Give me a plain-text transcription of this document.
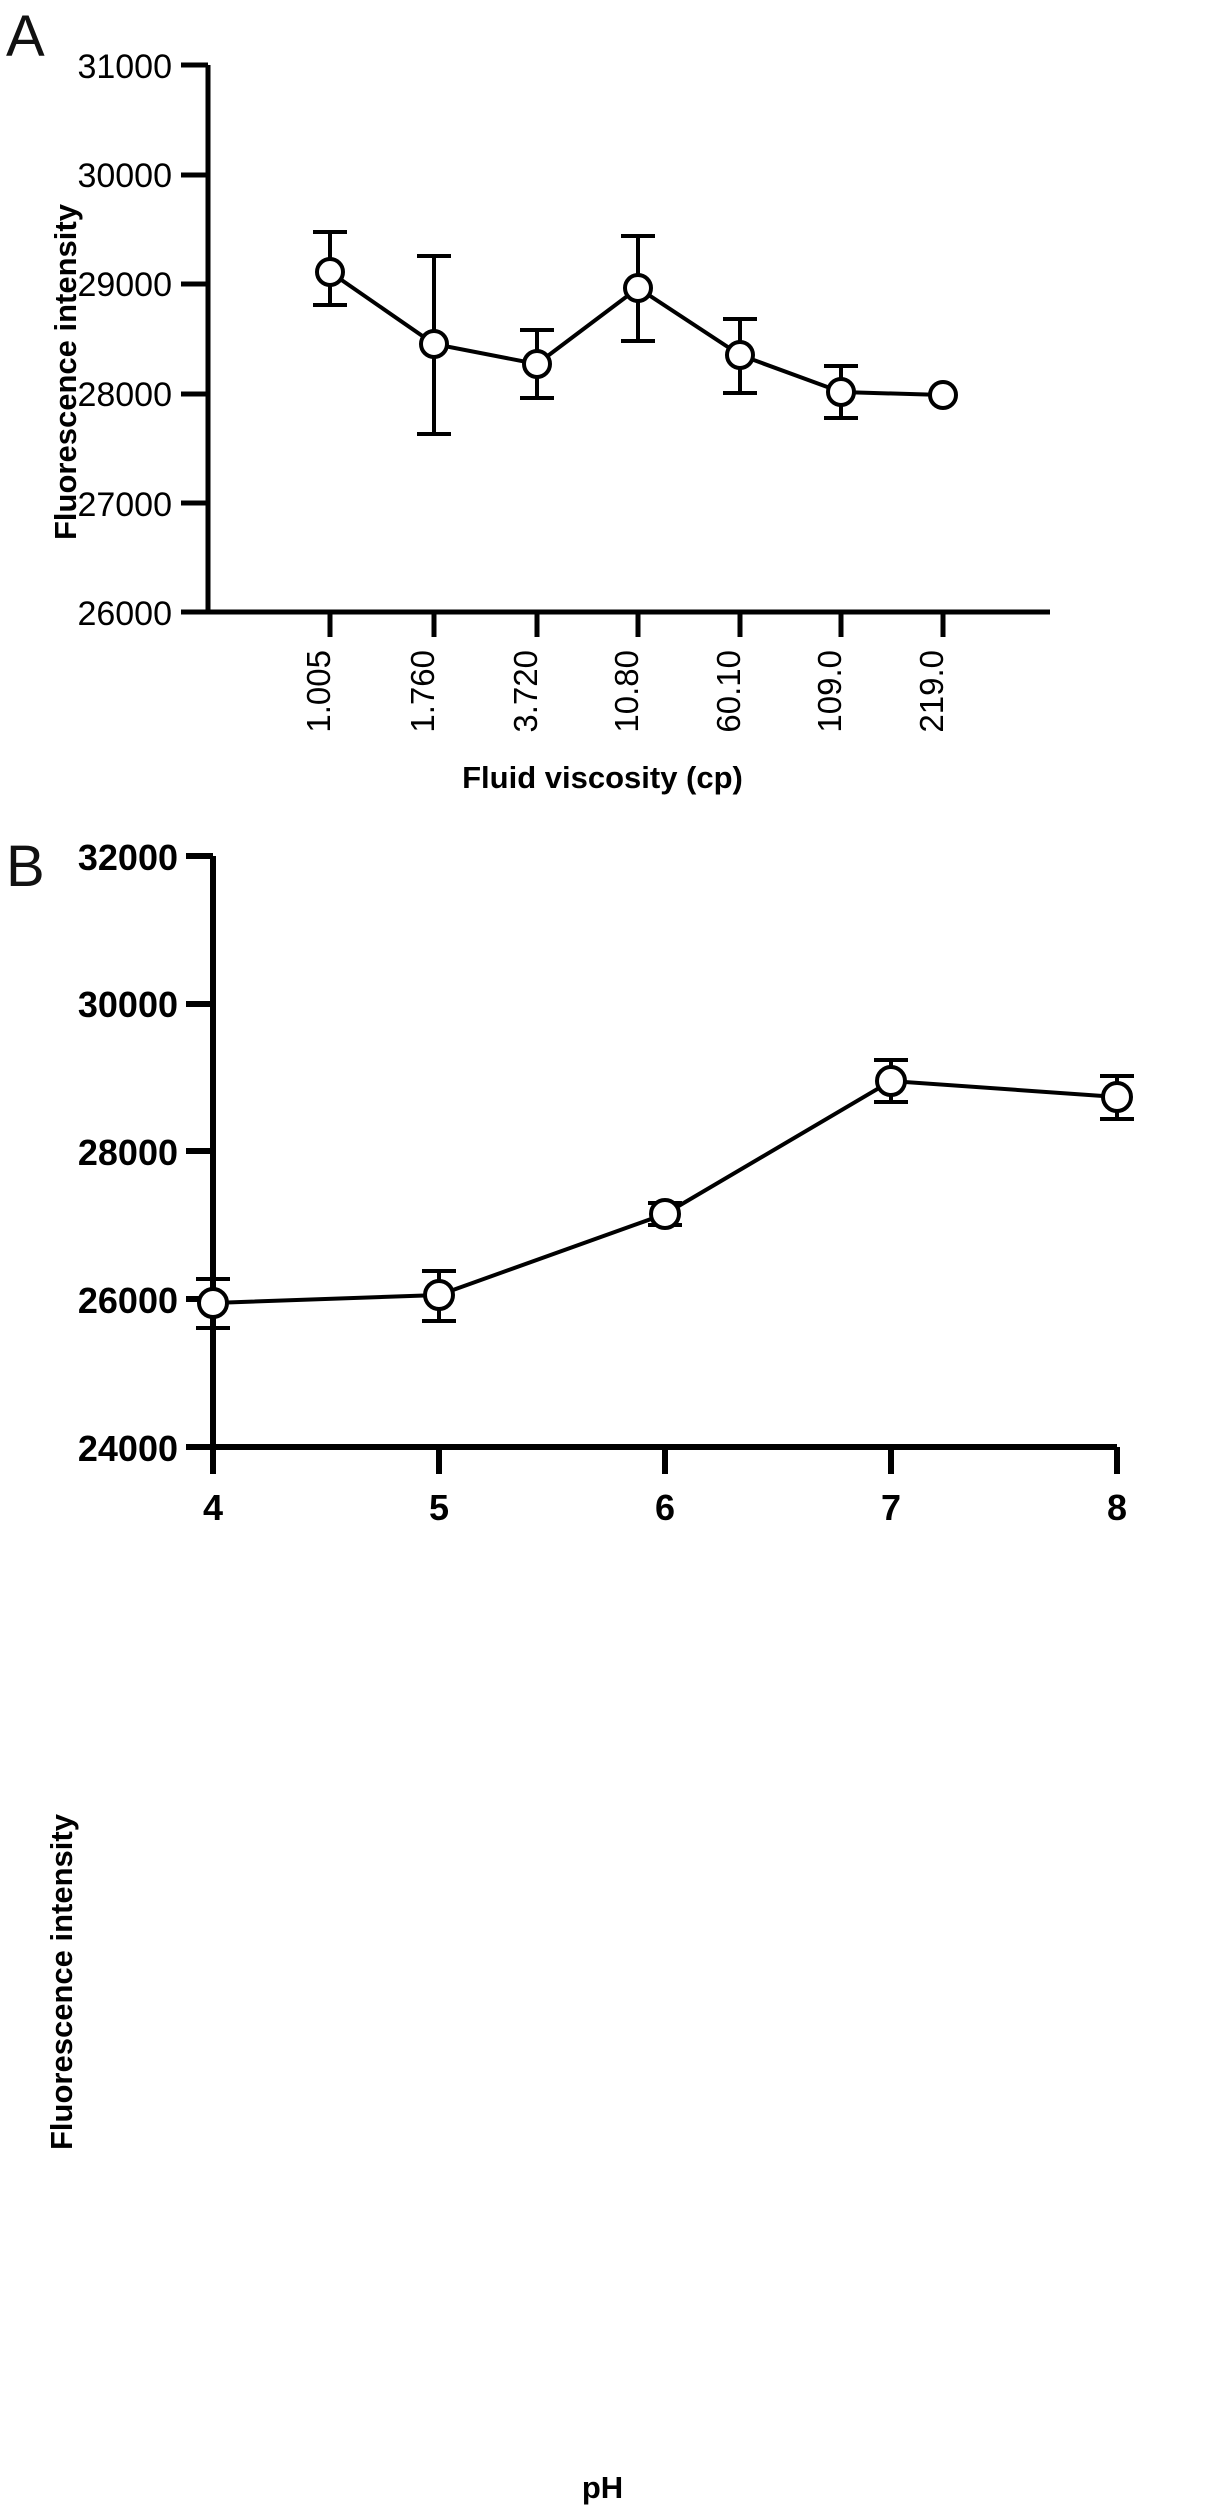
A
Fluorescence intensity
26000
27000
28000
29000
30000
31000
1.005 1.760 3.720 10.80 60.10 109.0 219.0
Fluid viscosity (cp)
B
24000
26000
28000
30000
32000
4	5	6	7	8
Fluorescence intensity
pH
